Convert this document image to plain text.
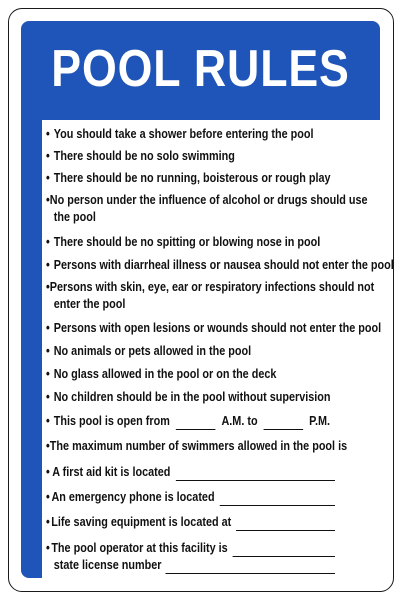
POOL RULES
• You should take a shower before entering the pool
• There should be no solo swimming
• There should be no running, boisterous or rough play
• No person under the influence of alcohol or drugs should use
the pool
• There should be no spitting or blowing nose in pool
• Persons with diarrheal illness or nausea should not enter the pool
• Persons with skin, eye, ear or respiratory infections should not
enter the pool
• Persons with open lesions or wounds should not enter the pool
• No animals or pets allowed in the pool
• No glass allowed in the pool or on the deck
• No children should be in the pool without supervision
• This pool is open from	A.M. to	P.M.
• The maximum number of swimmers allowed in the pool is
• A first aid kit is located
• An emergency phone is located
• Life saving equipment is located at
• The pool operator at this facility is
state license number
